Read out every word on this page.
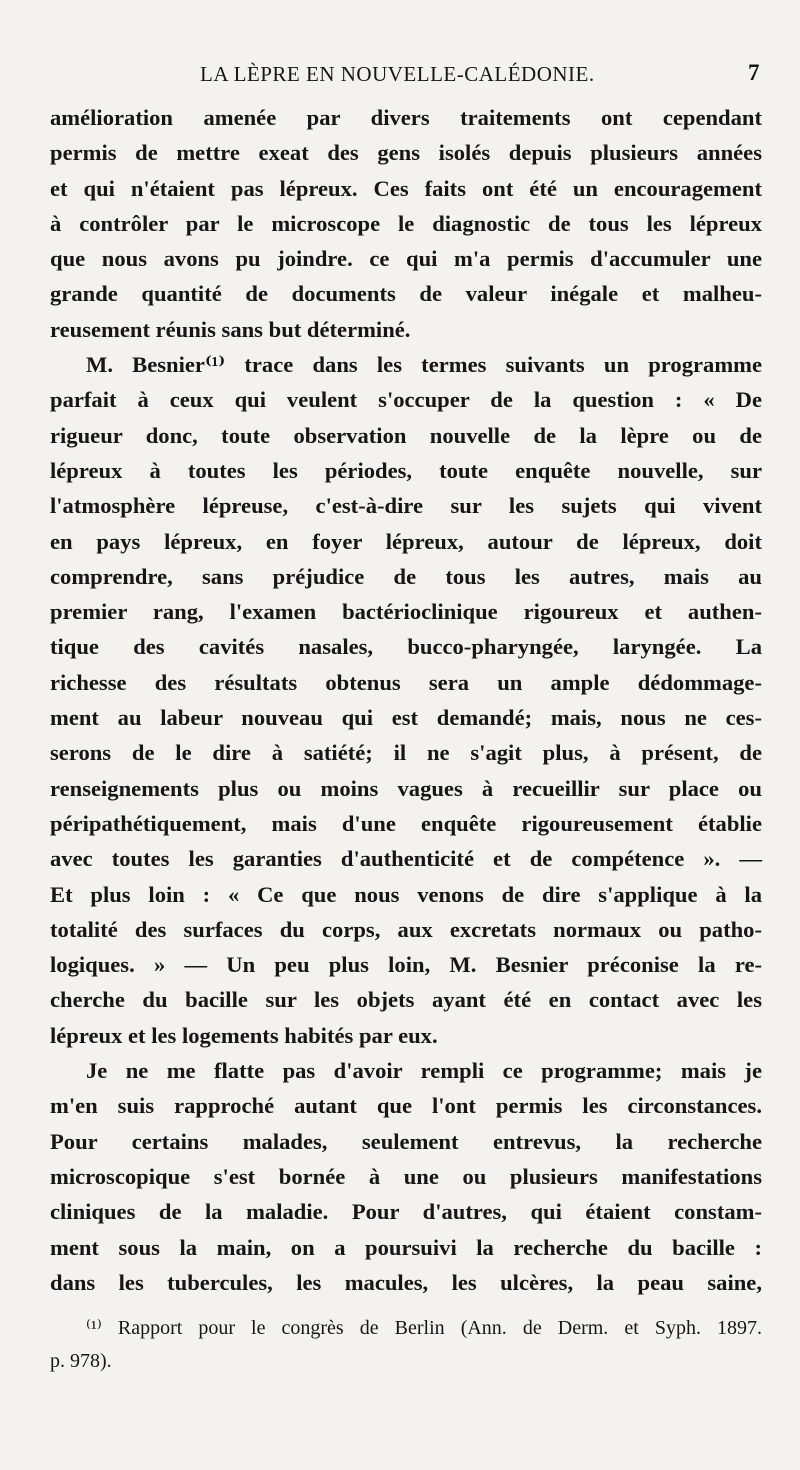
LA LÈPRE EN NOUVELLE-CALÉDONIE.	7
amélioration amenée par divers traitements ont cependant
permis de mettre exeat des gens isolés depuis plusieurs années
et qui n'étaient pas lépreux. Ces faits ont été un encouragement
à contrôler par le microscope le diagnostic de tous les lépreux
que nous avons pu joindre. ce qui m'a permis d'accumuler une
grande quantité de documents de valeur inégale et malheu-
reusement réunis sans but déterminé.
M. Besnier⁽¹⁾ trace dans les termes suivants un programme
parfait à ceux qui veulent s'occuper de la question : « De
rigueur donc, toute observation nouvelle de la lèpre ou de
lépreux à toutes les périodes, toute enquête nouvelle, sur
l'atmosphère lépreuse, c'est-à-dire sur les sujets qui vivent
en pays lépreux, en foyer lépreux, autour de lépreux, doit
comprendre, sans préjudice de tous les autres, mais au
premier rang, l'examen bactérioclinique rigoureux et authen-
tique des cavités nasales, bucco-pharyngée, laryngée. La
richesse des résultats obtenus sera un ample dédommage-
ment au labeur nouveau qui est demandé; mais, nous ne ces-
serons de le dire à satiété; il ne s'agit plus, à présent, de
renseignements plus ou moins vagues à recueillir sur place ou
péripathétiquement, mais d'une enquête rigoureusement établie
avec toutes les garanties d'authenticité et de compétence ». —
Et plus loin : « Ce que nous venons de dire s'applique à la
totalité des surfaces du corps, aux excretats normaux ou patho-
logiques. » — Un peu plus loin, M. Besnier préconise la re-
cherche du bacille sur les objets ayant été en contact avec les
lépreux et les logements habités par eux.
Je ne me flatte pas d'avoir rempli ce programme; mais je
m'en suis rapproché autant que l'ont permis les circonstances.
Pour certains malades, seulement entrevus, la recherche
microscopique s'est bornée à une ou plusieurs manifestations
cliniques de la maladie. Pour d'autres, qui étaient constam-
ment sous la main, on a poursuivi la recherche du bacille :
dans les tubercules, les macules, les ulcères, la peau saine,
⁽¹⁾ Rapport pour le congrès de Berlin (Ann. de Derm. et Syph. 1897.
p. 978).
